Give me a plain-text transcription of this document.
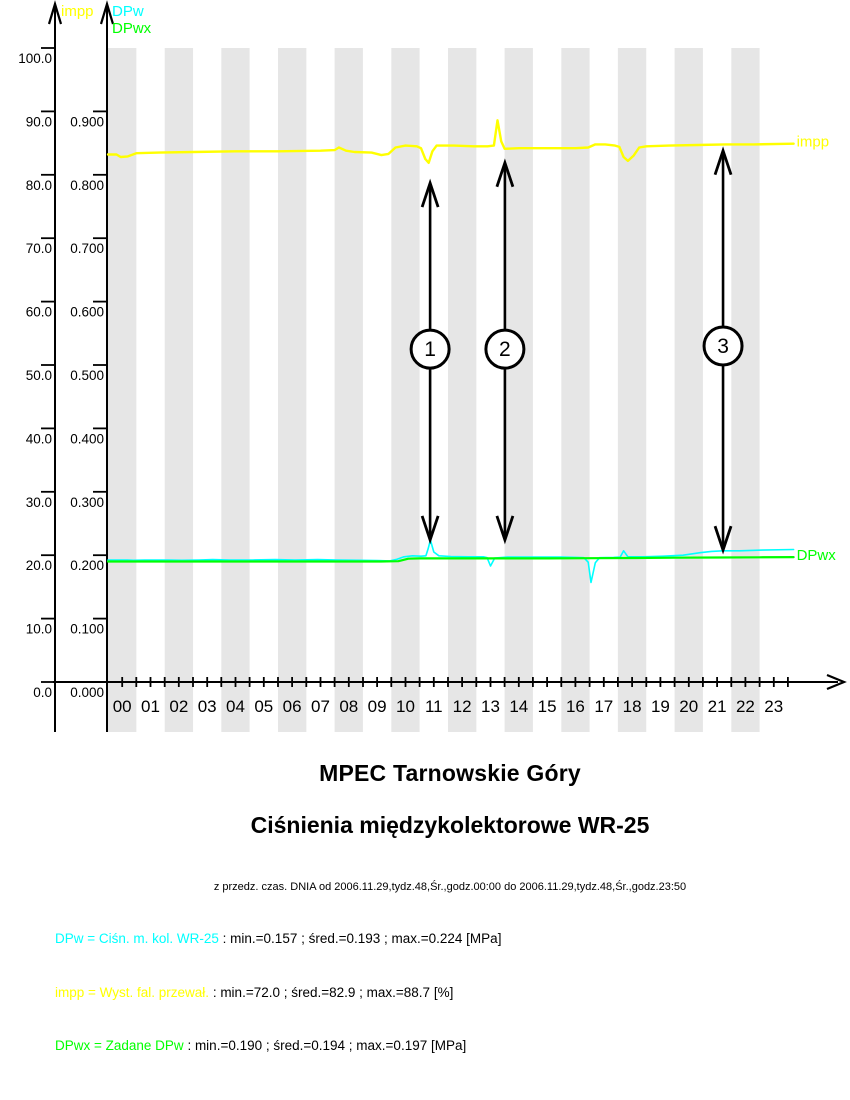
00 01 02 03 04 05 06 07 08 09 10 11 12 13 14 15 16 17 18 19 20 21 22 23
0.0
10.0
20.0
30.0
40.0
50.0
60.0
70.0
80.0
90.0
100.0
impp
0.000
0.100
0.200
0.300
0.400
0.500
0.600
0.700
0.800
0.900
DPw
DPwx
DPwx
impp
1	2	3
MPEC Tarnowskie Góry
Ciśnienia międzykolektorowe WR-25
z przedz. czas. DNIA od 2006.11.29,tydz.48,Śr.,godz.00:00 do 2006.11.29,tydz.48,Śr.,godz.23:50
DPw = Ciśn. m. kol. WR-25 : min.=0.157 ; śred.=0.193 ; max.=0.224 [MPa]
impp = Wyst. fal. przewał. : min.=72.0 ; śred.=82.9 ; max.=88.7 [%]
DPwx = Zadane DPw : min.=0.190 ; śred.=0.194 ; max.=0.197 [MPa]
